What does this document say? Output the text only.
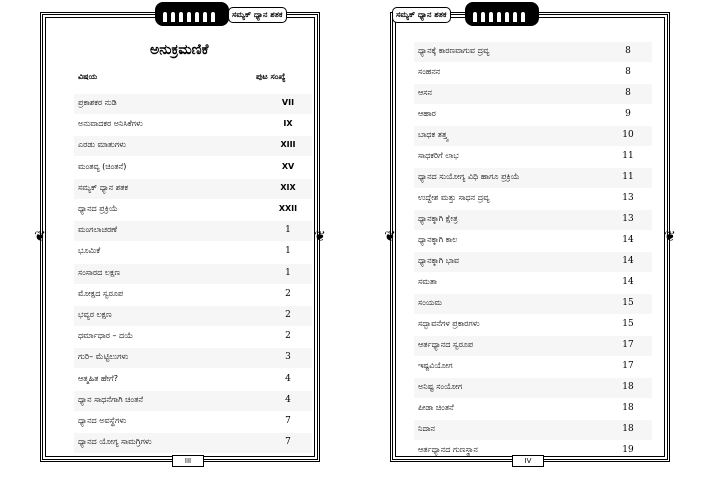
ಸಮ್ಯಕ್ ಧ್ಯಾನ ಶತಕ
❦	❦
ಅನುಕ್ರಮಣಿಕೆ
ವಿಷಯ	ಪುಟ ಸಂಖ್ಯೆ
ಪ್ರಕಾಶಕರ ನುಡಿ	VII
ಅನುವಾದಕರ ಅನಿಸಿಕೆಗಳು	IX
ಎರಡು ಮಾತುಗಳು	XIII
ಮಂತವ್ಯ (ಚಿಂತನೆ)	XV
ಸಮ್ಯಕ್ ಧ್ಯಾನ ಶತಕ	XIX
ಧ್ಯಾನದ ಪ್ರಕ್ರಿಯೆ	XXII
ಮಂಗಲಾಚರಣೆ	1
ಭೂಮಿಕೆ	1
ಸಂಸಾರದ ಲಕ್ಷಣ	1
ಮೋಕ್ಷದ ಸ್ವರೂಪ	2
ಭವ್ಯರ ಲಕ್ಷಣ	2
ಧರ್ಮಾಧಾರ – ದಯೆ	2
ಗುರಿ– ಮೆಟ್ಟಿಲುಗಳು	3
ಆತ್ಮಹಿತ ಹೇಗೆ?	4
ಧ್ಯಾನ ಸಾಧನೆಗಾಗಿ ಚಿಂತನೆ	4
ಧ್ಯಾನದ ಅವಸ್ಥೆಗಳು	7
ಧ್ಯಾನದ ಯೋಗ್ಯ ಸಾಮಗ್ರಿಗಳು	7
III
ಸಮ್ಯಕ್ ಧ್ಯಾನ ಶತಕ
❦	❦
ಧ್ಯಾನಕ್ಕೆ ಕಾರಣವಾಗುವ ದ್ರವ್ಯ	8
ಸಂಹನನ	8
ಆಸನ	8
ಆಹಾರ	9
ಬಾಧಕ ತತ್ತ್ವ	10
ಸಾಧಕರಿಗೆ ಲಾಭ	11
ಧ್ಯಾನದ ಸುಯೋಗ್ಯ ವಿಧಿ ಹಾಗೂ ಪ್ರಕ್ರಿಯೆ	11
ಉದ್ದೇಶ ಮತ್ತು ಸಾಧನ ದ್ರವ್ಯ	13
ಧ್ಯಾನಕ್ಕಾಗಿ ಕ್ಷೇತ್ರ	13
ಧ್ಯಾನಕ್ಕಾಗಿ ಕಾಲ	14
ಧ್ಯಾನಕ್ಕಾಗಿ ಭಾವ	14
ಸಮತಾ	14
ಸಂಯಮ	15
ಸದ್ಭಾವನೆಗಳ ಪ್ರಕಾರಗಳು	15
ಆರ್ತಧ್ಯಾನದ ಸ್ವರೂಪ	17
ಇಷ್ಟವಿಯೋಗ	17
ಅನಿಷ್ಟ ಸಂಯೋಗ	18
ಪೀಡಾ ಚಿಂತನೆ	18
ನಿದಾನ	18
ಆರ್ತಧ್ಯಾನದ ಗುಣಸ್ಥಾನ	19
IV
